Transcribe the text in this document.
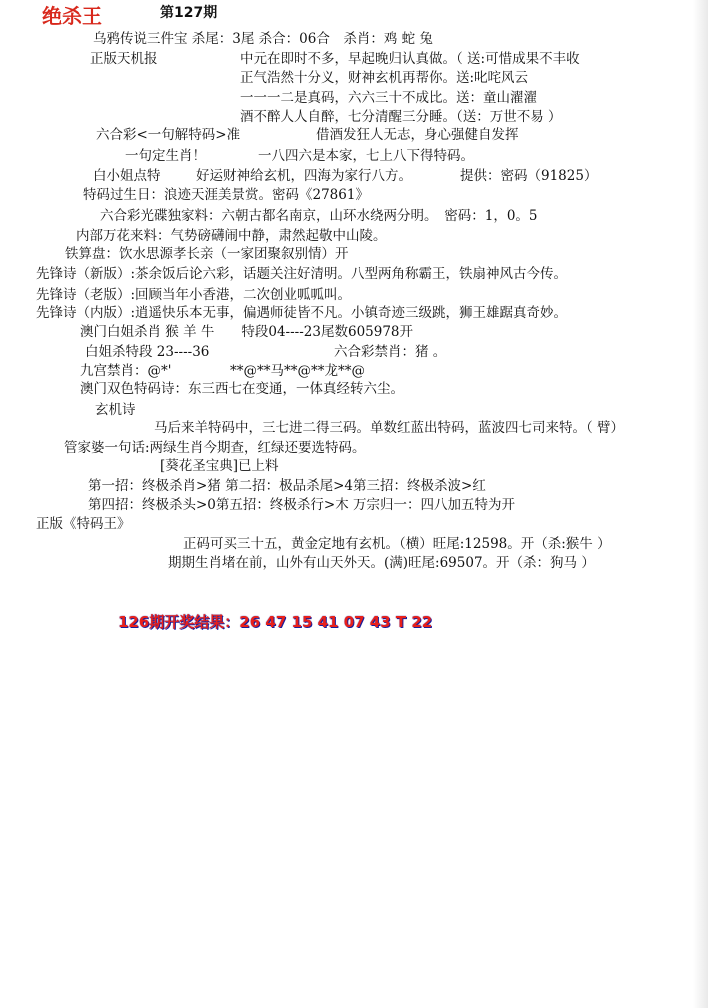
绝杀王	第127期
乌鸦传说三件宝 杀尾：3尾 杀合：06合　杀肖：鸡 蛇 兔
正版天机报	中元在即时不多，早起晚归认真做。（ 送:可惜成果不丰收
正气浩然十分义，财神玄机再帮你。送:叱咤风云
一一一二是真码，六六三十不成比。送：童山濯濯
酒不醉人人自醉，七分清醒三分睡。（送：万世不易 ）
六合彩<一句解特码>准	借酒发狂人无志，身心强健自发挥
一句定生肖！	一八四六是本家，七上八下得特码。
白小姐点特	好运财神给玄机，四海为家行八方。	提供：密码（91825）
特码过生日：浪迹天涯美景赏。密码《27861》
六合彩光碟独家料：六朝古都名南京，山环水绕两分明。　密码：1，0。5
内部万花来料：气势磅礴闹中静，肃然起敬中山陵。
铁算盘：饮水思源孝长亲（一家团聚叙别情）开
先锋诗（新版）:茶余饭后论六彩，话题关注好清明。八型两角称霸王，铁扇神风古今传。
先锋诗（老版）:回顾当年小香港，二次创业呱呱叫。
先锋诗（内版）:逍遥快乐本无事，偏遇师徒皆不凡。小镇奇迹三级跳，狮王雄踞真奇妙。
澳门白姐杀肖 猴 羊 牛　　特段04----23尾数605978开
白姐杀特段 23----36	六合彩禁肖：猪 。
九宫禁肖：@*'	**@**马**@**龙**@
澳门双色特码诗：东三西七在变通，一体真经转六尘。
玄机诗
马后来羊特码中，三七进二得三码。单数红蓝出特码，蓝波四七司来特。（ 臂）
管家婆一句话:两绿生肖今期查，红绿还要选特码。
[葵花圣宝典]已上料
第一招：终极杀肖>猪 第二招：极品杀尾>4第三招：终极杀波>红
第四招：终极杀头>0第五招：终极杀行>木 万宗归一：四八加五特为开
正版《特码王》
正码可买三十五，黄金定地有玄机。（横）旺尾:12598。开（杀:猴牛 ）
期期生肖堵在前，山外有山天外天。(满)旺尾:69507。开（杀：狗马 ）
126期开奖结果：26 47 15 41 07 43 T 22
